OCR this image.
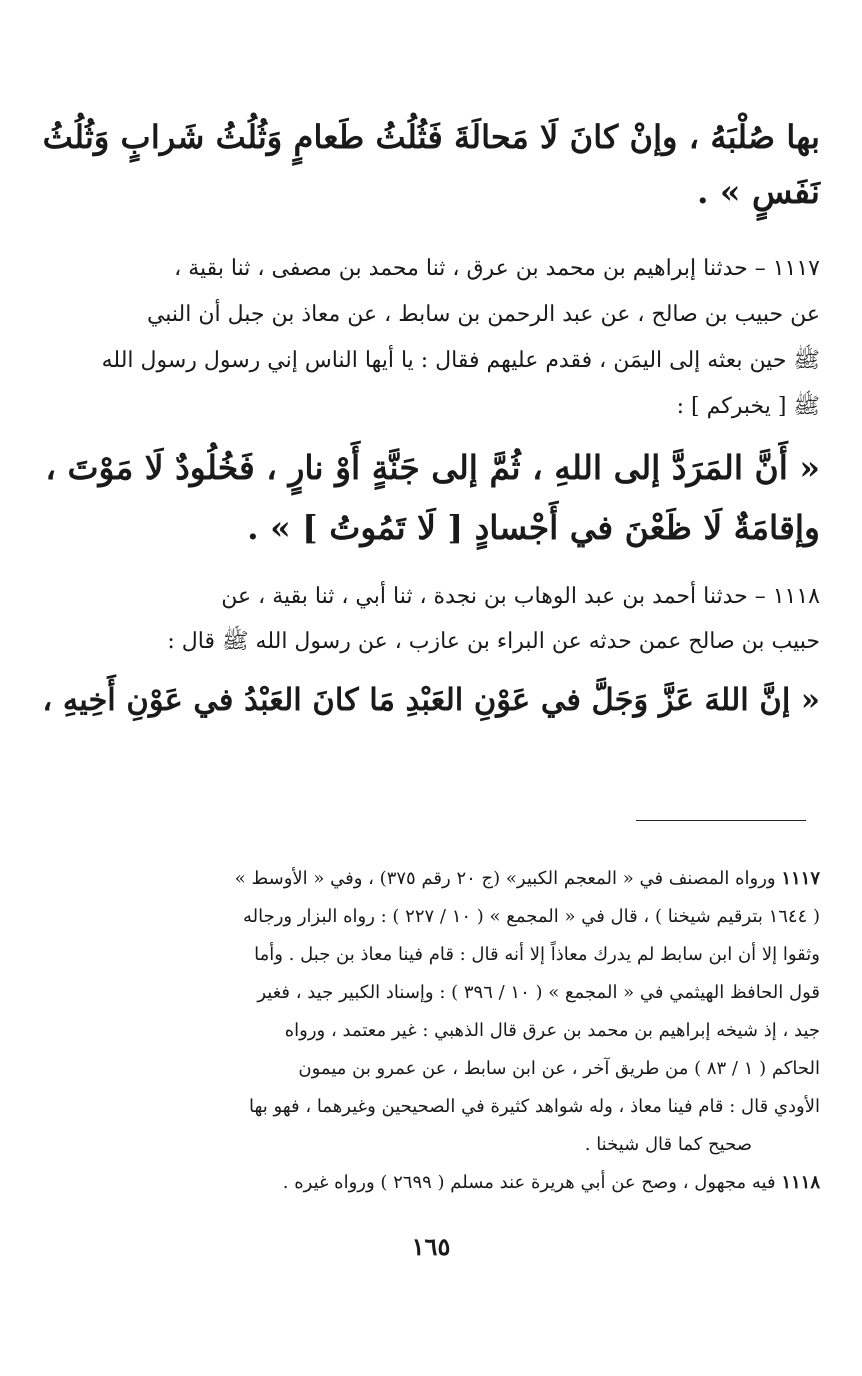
بها صُلْبَهُ ، وإنْ كانَ لَا مَحالَةَ فَثُلُثُ طَعامٍ وَثُلُثُ شَرابٍ وَثُلُثُ
نَفَسٍ » .
١١١٧ – حدثنا إبراهيم بن محمد بن عرق ، ثنا محمد بن مصفى ، ثنا بقية ،
عن حبيب بن صالح ، عن عبد الرحمن بن سابط ، عن معاذ بن جبل أن النبي
ﷺ حين بعثه إلى اليمَن ، فقدم عليهم فقال : يا أيها الناس إني رسول رسول الله
ﷺ [ يخبركم ] :
« أَنَّ المَرَدَّ إلى اللهِ ، ثُمَّ إلى جَنَّةٍ أَوْ نارٍ ، فَخُلُودٌ لَا مَوْتَ ،
وإقامَةٌ لَا ظَعْنَ في أَجْسادٍ [ لَا تَمُوتُ ] » .
١١١٨ – حدثنا أحمد بن عبد الوهاب بن نجدة ، ثنا أبي ، ثنا بقية ، عن
حبيب بن صالح عمن حدثه عن البراء بن عازب ، عن رسول الله ﷺ قال :
« إنَّ اللهَ عَزَّ وَجَلَّ في عَوْنِ العَبْدِ مَا كانَ العَبْدُ في عَوْنِ أَخِيهِ ،
١١١٧ ورواه المصنف في « المعجم الكبير» (ج ٢٠ رقم ٣٧٥) ، وفي « الأوسط »
( ١٦٤٤ بترقيم شيخنا ) ، قال في « المجمع » ( ١٠ / ٢٢٧ ) : رواه البزار ورجاله
وثقوا إلا أن ابن سابط لم يدرك معاذاً إلا أنه قال : قام فينا معاذ بن جبل . وأما
قول الحافظ الهيثمي في « المجمع » ( ١٠ / ٣٩٦ ) : وإسناد الكبير جيد ، فغير
جيد ، إذ شيخه إبراهيم بن محمد بن عرق قال الذهبي : غير معتمد ، ورواه
الحاكم ( ١ / ٨٣ ) من طريق آخر ، عن ابن سابط ، عن عمرو بن ميمون
الأودي قال : قام فينا معاذ ، وله شواهد كثيرة في الصحيحين وغيرهما ، فهو بها
صحيح كما قال شيخنا .
١١١٨ فيه مجهول ، وصح عن أبي هريرة عند مسلم ( ٢٦٩٩ ) ورواه غيره .
١٦٥
